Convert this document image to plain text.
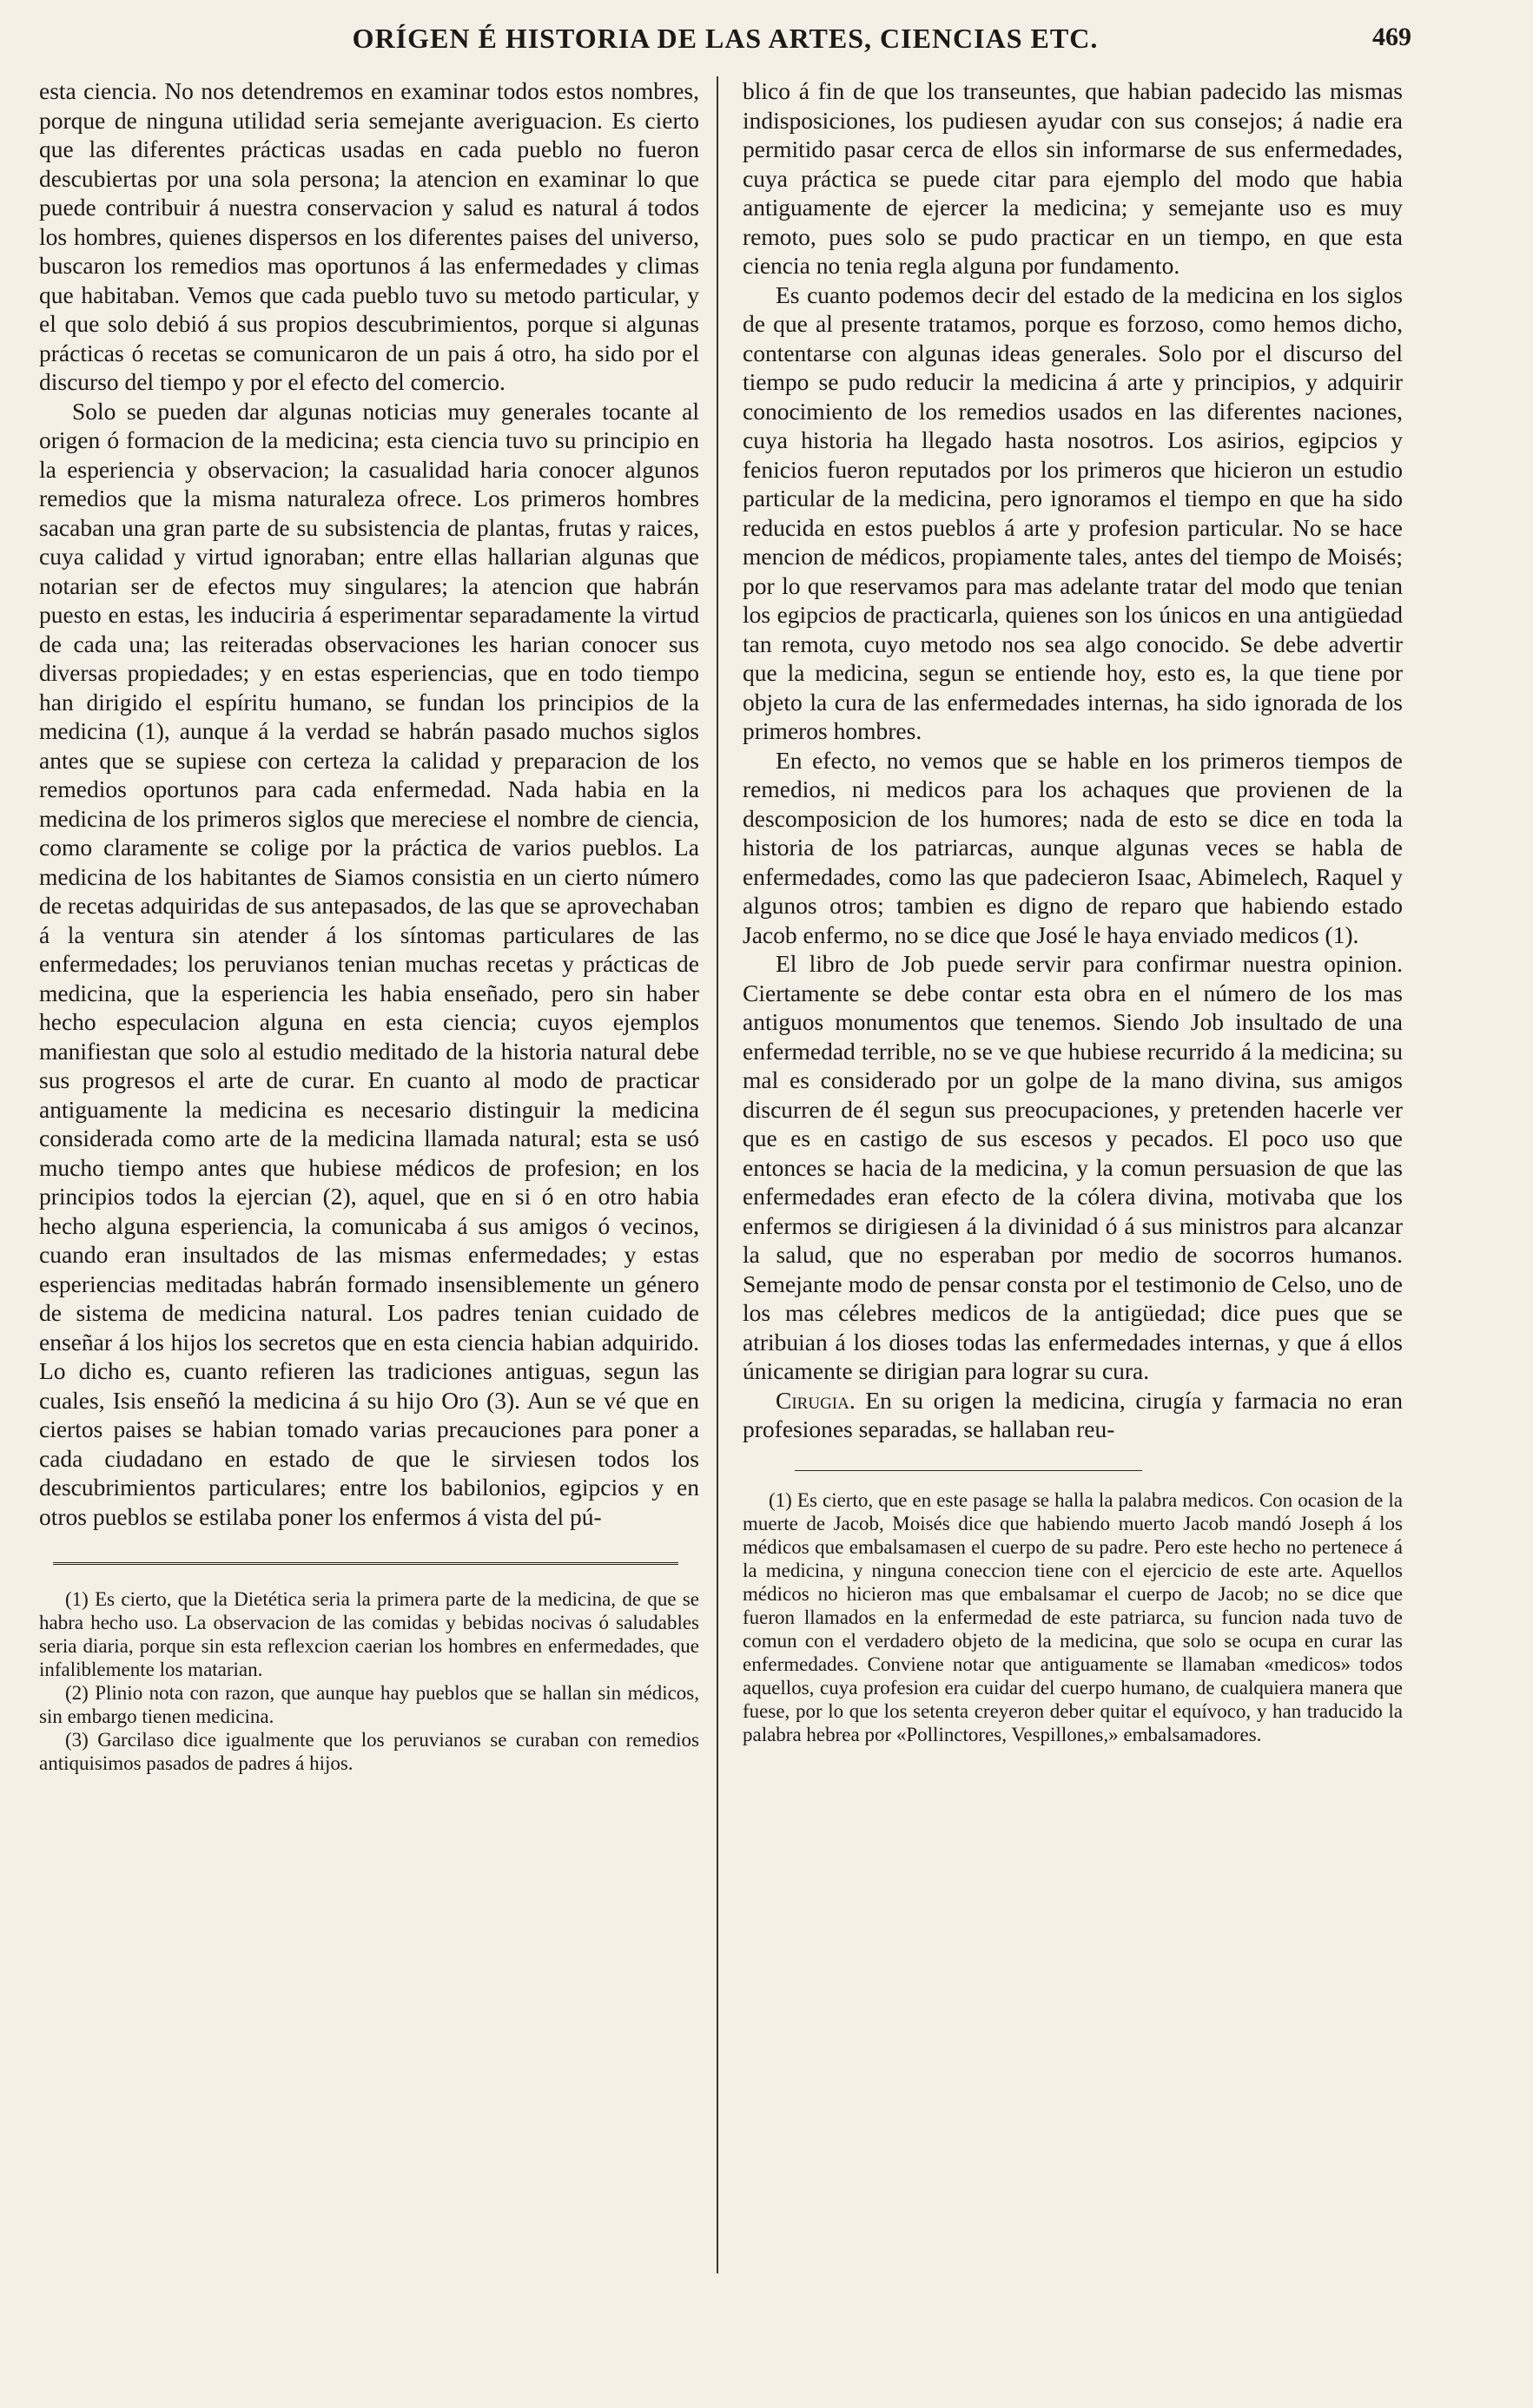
ORÍGEN É HISTORIA DE LAS ARTES, CIENCIAS ETC.	469

esta ciencia. No nos detendremos en examinar todos estos nombres, porque de ninguna utilidad seria semejante averiguacion. Es cierto que las diferentes prácticas usadas en cada pueblo no fueron descubiertas por una sola persona; la atencion en examinar lo que puede contribuir á nuestra conservacion y salud es natural á todos los hombres, quienes dispersos en los diferentes paises del universo, buscaron los remedios mas oportunos á las enfermedades y climas que habitaban. Vemos que cada pueblo tuvo su metodo particular, y el que solo debió á sus propios descubrimientos, porque si algunas prácticas ó recetas se comunicaron de un pais á otro, ha sido por el discurso del tiempo y por el efecto del comercio.

Solo se pueden dar algunas noticias muy generales tocante al origen ó formacion de la medicina; esta ciencia tuvo su principio en la esperiencia y observacion; la casualidad haria conocer algunos remedios que la misma naturaleza ofrece. Los primeros hombres sacaban una gran parte de su subsistencia de plantas, frutas y raices, cuya calidad y virtud ignoraban; entre ellas hallarian algunas que notarian ser de efectos muy singulares; la atencion que habrán puesto en estas, les induciria á esperimentar separadamente la virtud de cada una; las reiteradas observaciones les harian conocer sus diversas propiedades; y en estas esperiencias, que en todo tiempo han dirigido el espíritu humano, se fundan los principios de la medicina (1), aunque á la verdad se habrán pasado muchos siglos antes que se supiese con certeza la calidad y preparacion de los remedios oportunos para cada enfermedad. Nada habia en la medicina de los primeros siglos que mereciese el nombre de ciencia, como claramente se colige por la práctica de varios pueblos. La medicina de los habitantes de Siamos consistia en un cierto número de recetas adquiridas de sus antepasados, de las que se aprovechaban á la ventura sin atender á los síntomas particulares de las enfermedades; los peruvianos tenian muchas recetas y prácticas de medicina, que la esperiencia les habia enseñado, pero sin haber hecho especulacion alguna en esta ciencia; cuyos ejemplos manifiestan que solo al estudio meditado de la historia natural debe sus progresos el arte de curar. En cuanto al modo de practicar antiguamente la medicina es necesario distinguir la medicina considerada como arte de la medicina llamada natural; esta se usó mucho tiempo antes que hubiese médicos de profesion; en los principios todos la ejercian (2), aquel, que en si ó en otro habia hecho alguna esperiencia, la comunicaba á sus amigos ó vecinos, cuando eran insultados de las mismas enfermedades; y estas esperiencias meditadas habrán formado insensiblemente un género de sistema de medicina natural. Los padres tenian cuidado de enseñar á los hijos los secretos que en esta ciencia habian adquirido. Lo dicho es, cuanto refieren las tradiciones antiguas, segun las cuales, Isis enseñó la medicina á su hijo Oro (3). Aun se vé que en ciertos paises se habian tomado varias precauciones para poner a cada ciudadano en estado de que le sirviesen todos los descubrimientos particulares; entre los babilonios, egipcios y en otros pueblos se estilaba poner los enfermos á vista del pú-

(1) Es cierto, que la Dietética seria la primera parte de la medicina, de que se habra hecho uso. La observacion de las comidas y bebidas nocivas ó saludables seria diaria, porque sin esta reflexcion caerian los hombres en enfermedades, que infaliblemente los matarian.

(2) Plinio nota con razon, que aunque hay pueblos que se hallan sin médicos, sin embargo tienen medicina.

(3) Garcilaso dice igualmente que los peruvianos se curaban con remedios antiquisimos pasados de padres á hijos.

blico á fin de que los transeuntes, que habian padecido las mismas indisposiciones, los pudiesen ayudar con sus consejos; á nadie era permitido pasar cerca de ellos sin informarse de sus enfermedades, cuya práctica se puede citar para ejemplo del modo que habia antiguamente de ejercer la medicina; y semejante uso es muy remoto, pues solo se pudo practicar en un tiempo, en que esta ciencia no tenia regla alguna por fundamento.

Es cuanto podemos decir del estado de la medicina en los siglos de que al presente tratamos, porque es forzoso, como hemos dicho, contentarse con algunas ideas generales. Solo por el discurso del tiempo se pudo reducir la medicina á arte y principios, y adquirir conocimiento de los remedios usados en las diferentes naciones, cuya historia ha llegado hasta nosotros. Los asirios, egipcios y fenicios fueron reputados por los primeros que hicieron un estudio particular de la medicina, pero ignoramos el tiempo en que ha sido reducida en estos pueblos á arte y profesion particular. No se hace mencion de médicos, propiamente tales, antes del tiempo de Moisés; por lo que reservamos para mas adelante tratar del modo que tenian los egipcios de practicarla, quienes son los únicos en una antigüedad tan remota, cuyo metodo nos sea algo conocido. Se debe advertir que la medicina, segun se entiende hoy, esto es, la que tiene por objeto la cura de las enfermedades internas, ha sido ignorada de los primeros hombres.

En efecto, no vemos que se hable en los primeros tiempos de remedios, ni medicos para los achaques que provienen de la descomposicion de los humores; nada de esto se dice en toda la historia de los patriarcas, aunque algunas veces se habla de enfermedades, como las que padecieron Isaac, Abimelech, Raquel y algunos otros; tambien es digno de reparo que habiendo estado Jacob enfermo, no se dice que José le haya enviado medicos (1).

El libro de Job puede servir para confirmar nuestra opinion. Ciertamente se debe contar esta obra en el número de los mas antiguos monumentos que tenemos. Siendo Job insultado de una enfermedad terrible, no se ve que hubiese recurrido á la medicina; su mal es considerado por un golpe de la mano divina, sus amigos discurren de él segun sus preocupaciones, y pretenden hacerle ver que es en castigo de sus escesos y pecados. El poco uso que entonces se hacia de la medicina, y la comun persuasion de que las enfermedades eran efecto de la cólera divina, motivaba que los enfermos se dirigiesen á la divinidad ó á sus ministros para alcanzar la salud, que no esperaban por medio de socorros humanos. Semejante modo de pensar consta por el testimonio de Celso, uno de los mas célebres medicos de la antigüedad; dice pues que se atribuian á los dioses todas las enfermedades internas, y que á ellos únicamente se dirigian para lograr su cura.

Cirugia. En su origen la medicina, cirugía y farmacia no eran profesiones separadas, se hallaban reu-

(1) Es cierto, que en este pasage se halla la palabra medicos. Con ocasion de la muerte de Jacob, Moisés dice que habiendo muerto Jacob mandó Joseph á los médicos que embalsamasen el cuerpo de su padre. Pero este hecho no pertenece á la medicina, y ninguna coneccion tiene con el ejercicio de este arte. Aquellos médicos no hicieron mas que embalsamar el cuerpo de Jacob; no se dice que fueron llamados en la enfermedad de este patriarca, su funcion nada tuvo de comun con el verdadero objeto de la medicina, que solo se ocupa en curar las enfermedades. Conviene notar que antiguamente se llamaban «medicos» todos aquellos, cuya profesion era cuidar del cuerpo humano, de cualquiera manera que fuese, por lo que los setenta creyeron deber quitar el equívoco, y han traducido la palabra hebrea por «Pollinctores, Vespillones,» embalsamadores.
